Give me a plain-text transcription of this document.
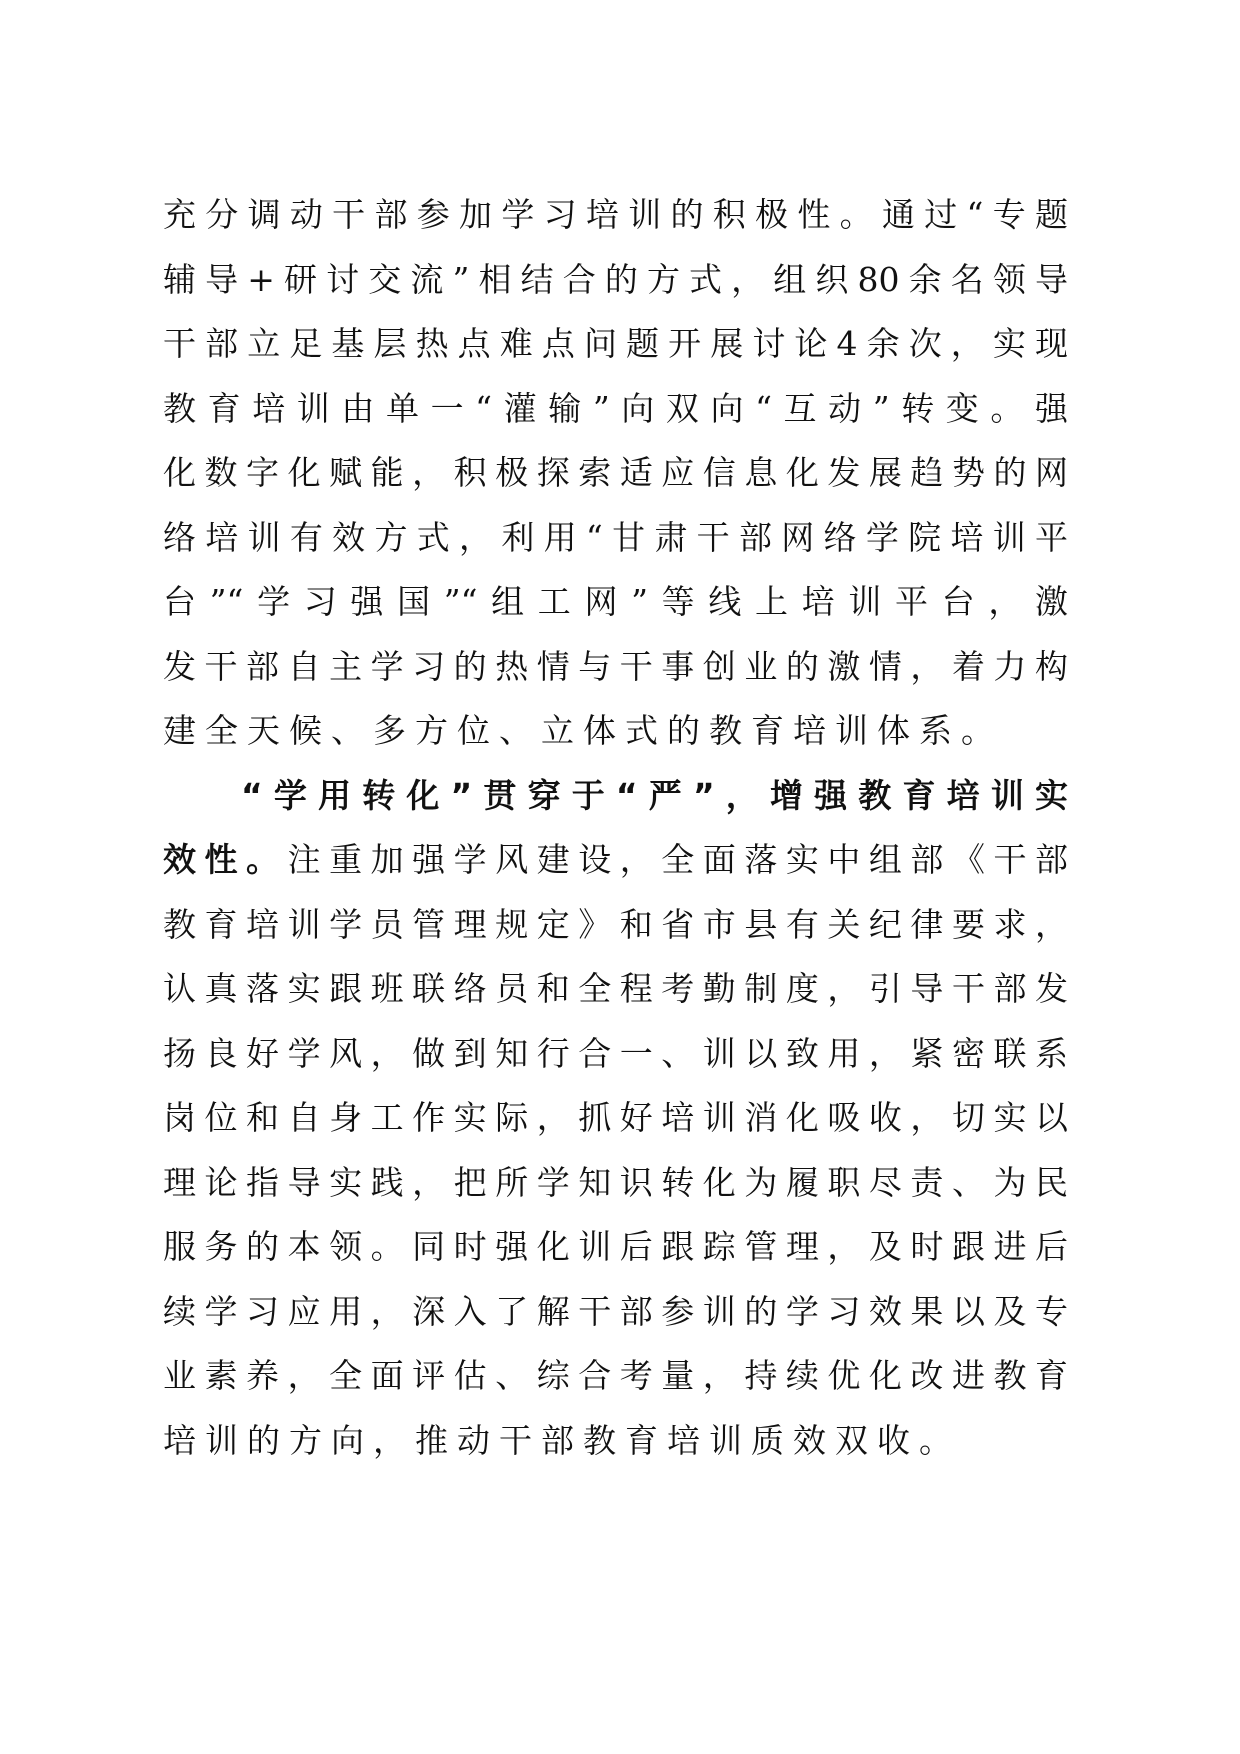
充分调动干部参加学习培训的积极性。通过“专题
辅导+研讨交流”相结合的方式，组织80余名领导
干部立足基层热点难点问题开展讨论4余次，实现
教育培训由单一“灌输”向双向“互动”转变。强
化数字化赋能，积极探索适应信息化发展趋势的网
络培训有效方式，利用“甘肃干部网络学院培训平
台”“学习强国”“组工网”等线上培训平台，激
发干部自主学习的热情与干事创业的激情，着力构
建全天候、多方位、立体式的教育培训体系。
“学用转化”贯穿于“严”，增强教育培训实
效性。注重加强学风建设，全面落实中组部《干部
教育培训学员管理规定》和省市县有关纪律要求，
认真落实跟班联络员和全程考勤制度，引导干部发
扬良好学风，做到知行合一、训以致用，紧密联系
岗位和自身工作实际，抓好培训消化吸收，切实以
理论指导实践，把所学知识转化为履职尽责、为民
服务的本领。同时强化训后跟踪管理，及时跟进后
续学习应用，深入了解干部参训的学习效果以及专
业素养，全面评估、综合考量，持续优化改进教育
培训的方向，推动干部教育培训质效双收。
